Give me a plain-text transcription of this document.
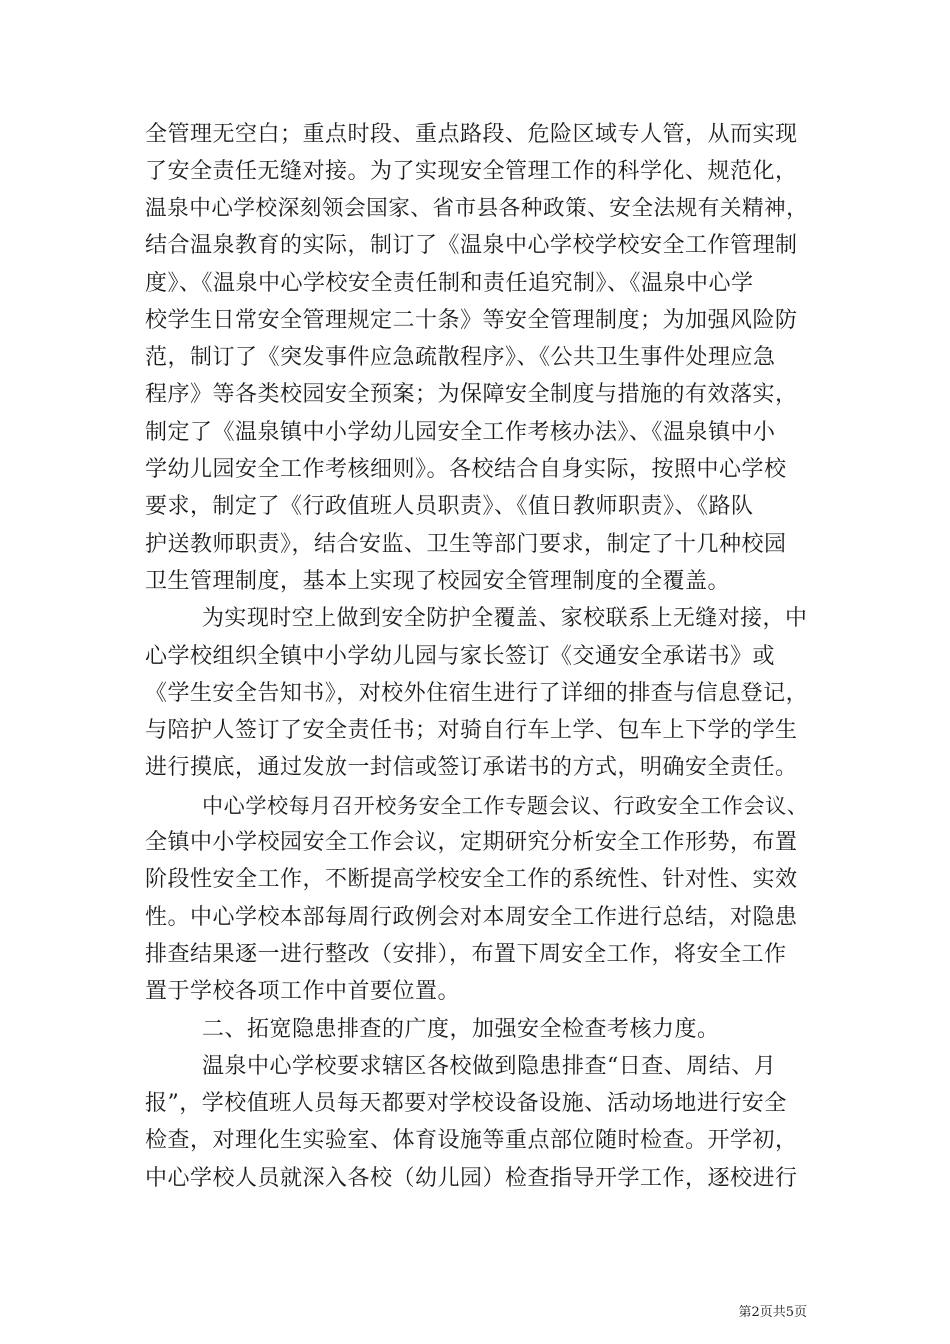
全管理无空白；重点时段、重点路段、危险区域专人管，从而实现
了安全责任无缝对接。为了实现安全管理工作的科学化、规范化，
温泉中心学校深刻领会国家、省市县各种政策、安全法规有关精神，
结合温泉教育的实际，制订了《温泉中心学校学校安全工作管理制
度》、《温泉中心学校安全责任制和责任追究制》、《温泉中心学
校学生日常安全管理规定二十条》等安全管理制度；为加强风险防
范，制订了《突发事件应急疏散程序》、《公共卫生事件处理应急
程序》等各类校园安全预案；为保障安全制度与措施的有效落实，
制定了《温泉镇中小学幼儿园安全工作考核办法》、《温泉镇中小
学幼儿园安全工作考核细则》。各校结合自身实际，按照中心学校
要求，制定了《行政值班人员职责》、《值日教师职责》、《路队
护送教师职责》，结合安监、卫生等部门要求，制定了十几种校园
卫生管理制度，基本上实现了校园安全管理制度的全覆盖。
为实现时空上做到安全防护全覆盖、家校联系上无缝对接，中
心学校组织全镇中小学幼儿园与家长签订《交通安全承诺书》或
《学生安全告知书》，对校外住宿生进行了详细的排查与信息登记，
与陪护人签订了安全责任书；对骑自行车上学、包车上下学的学生
进行摸底，通过发放一封信或签订承诺书的方式，明确安全责任。
中心学校每月召开校务安全工作专题会议、行政安全工作会议、
全镇中小学校园安全工作会议，定期研究分析安全工作形势，布置
阶段性安全工作，不断提高学校安全工作的系统性、针对性、实效
性。中心学校本部每周行政例会对本周安全工作进行总结，对隐患
排查结果逐一进行整改（安排），布置下周安全工作，将安全工作
置于学校各项工作中首要位置。
二、拓宽隐患排查的广度，加强安全检查考核力度。
温泉中心学校要求辖区各校做到隐患排查“日查、周结、月
报”，学校值班人员每天都要对学校设备设施、活动场地进行安全
检查，对理化生实验室、体育设施等重点部位随时检查。开学初，
中心学校人员就深入各校（幼儿园）检查指导开学工作，逐校进行
第2页共5页
